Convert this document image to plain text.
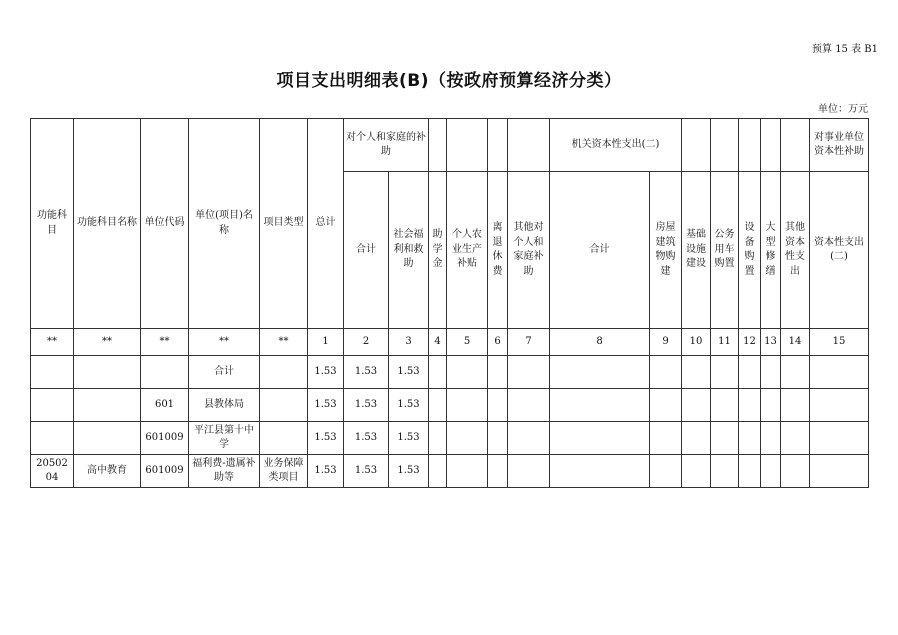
预算 15 表 B1
项目支出明细表(B)（按政府预算经济分类）
单位：万元
功能科目	功能科目名称	单位代码	单位(项目)名称	项目类型	总计	对个人和家庭的补助						机关资本性支出(二)							对事业单位资本性补助
						合计	社会福利和救助	助学金	个人农业生产补贴	离退休费	其他对个人和家庭补助	合计	房屋建筑物购建	基础设施建设	公务用车购置	设备购置	大型修缮	其他资本性支出	资本性支出(二)
**	**	**	**	**	1	2	3	4	5	6	7	8	9	10	11	12	13	14	15
			合计		1.53	1.53	1.53												
		601	县教体局		1.53	1.53	1.53												
		601009	平江县第十中学		1.53	1.53	1.53												
2050204	高中教育	601009	福利费-遗属补助等	业务保障类项目	1.53	1.53	1.53												
